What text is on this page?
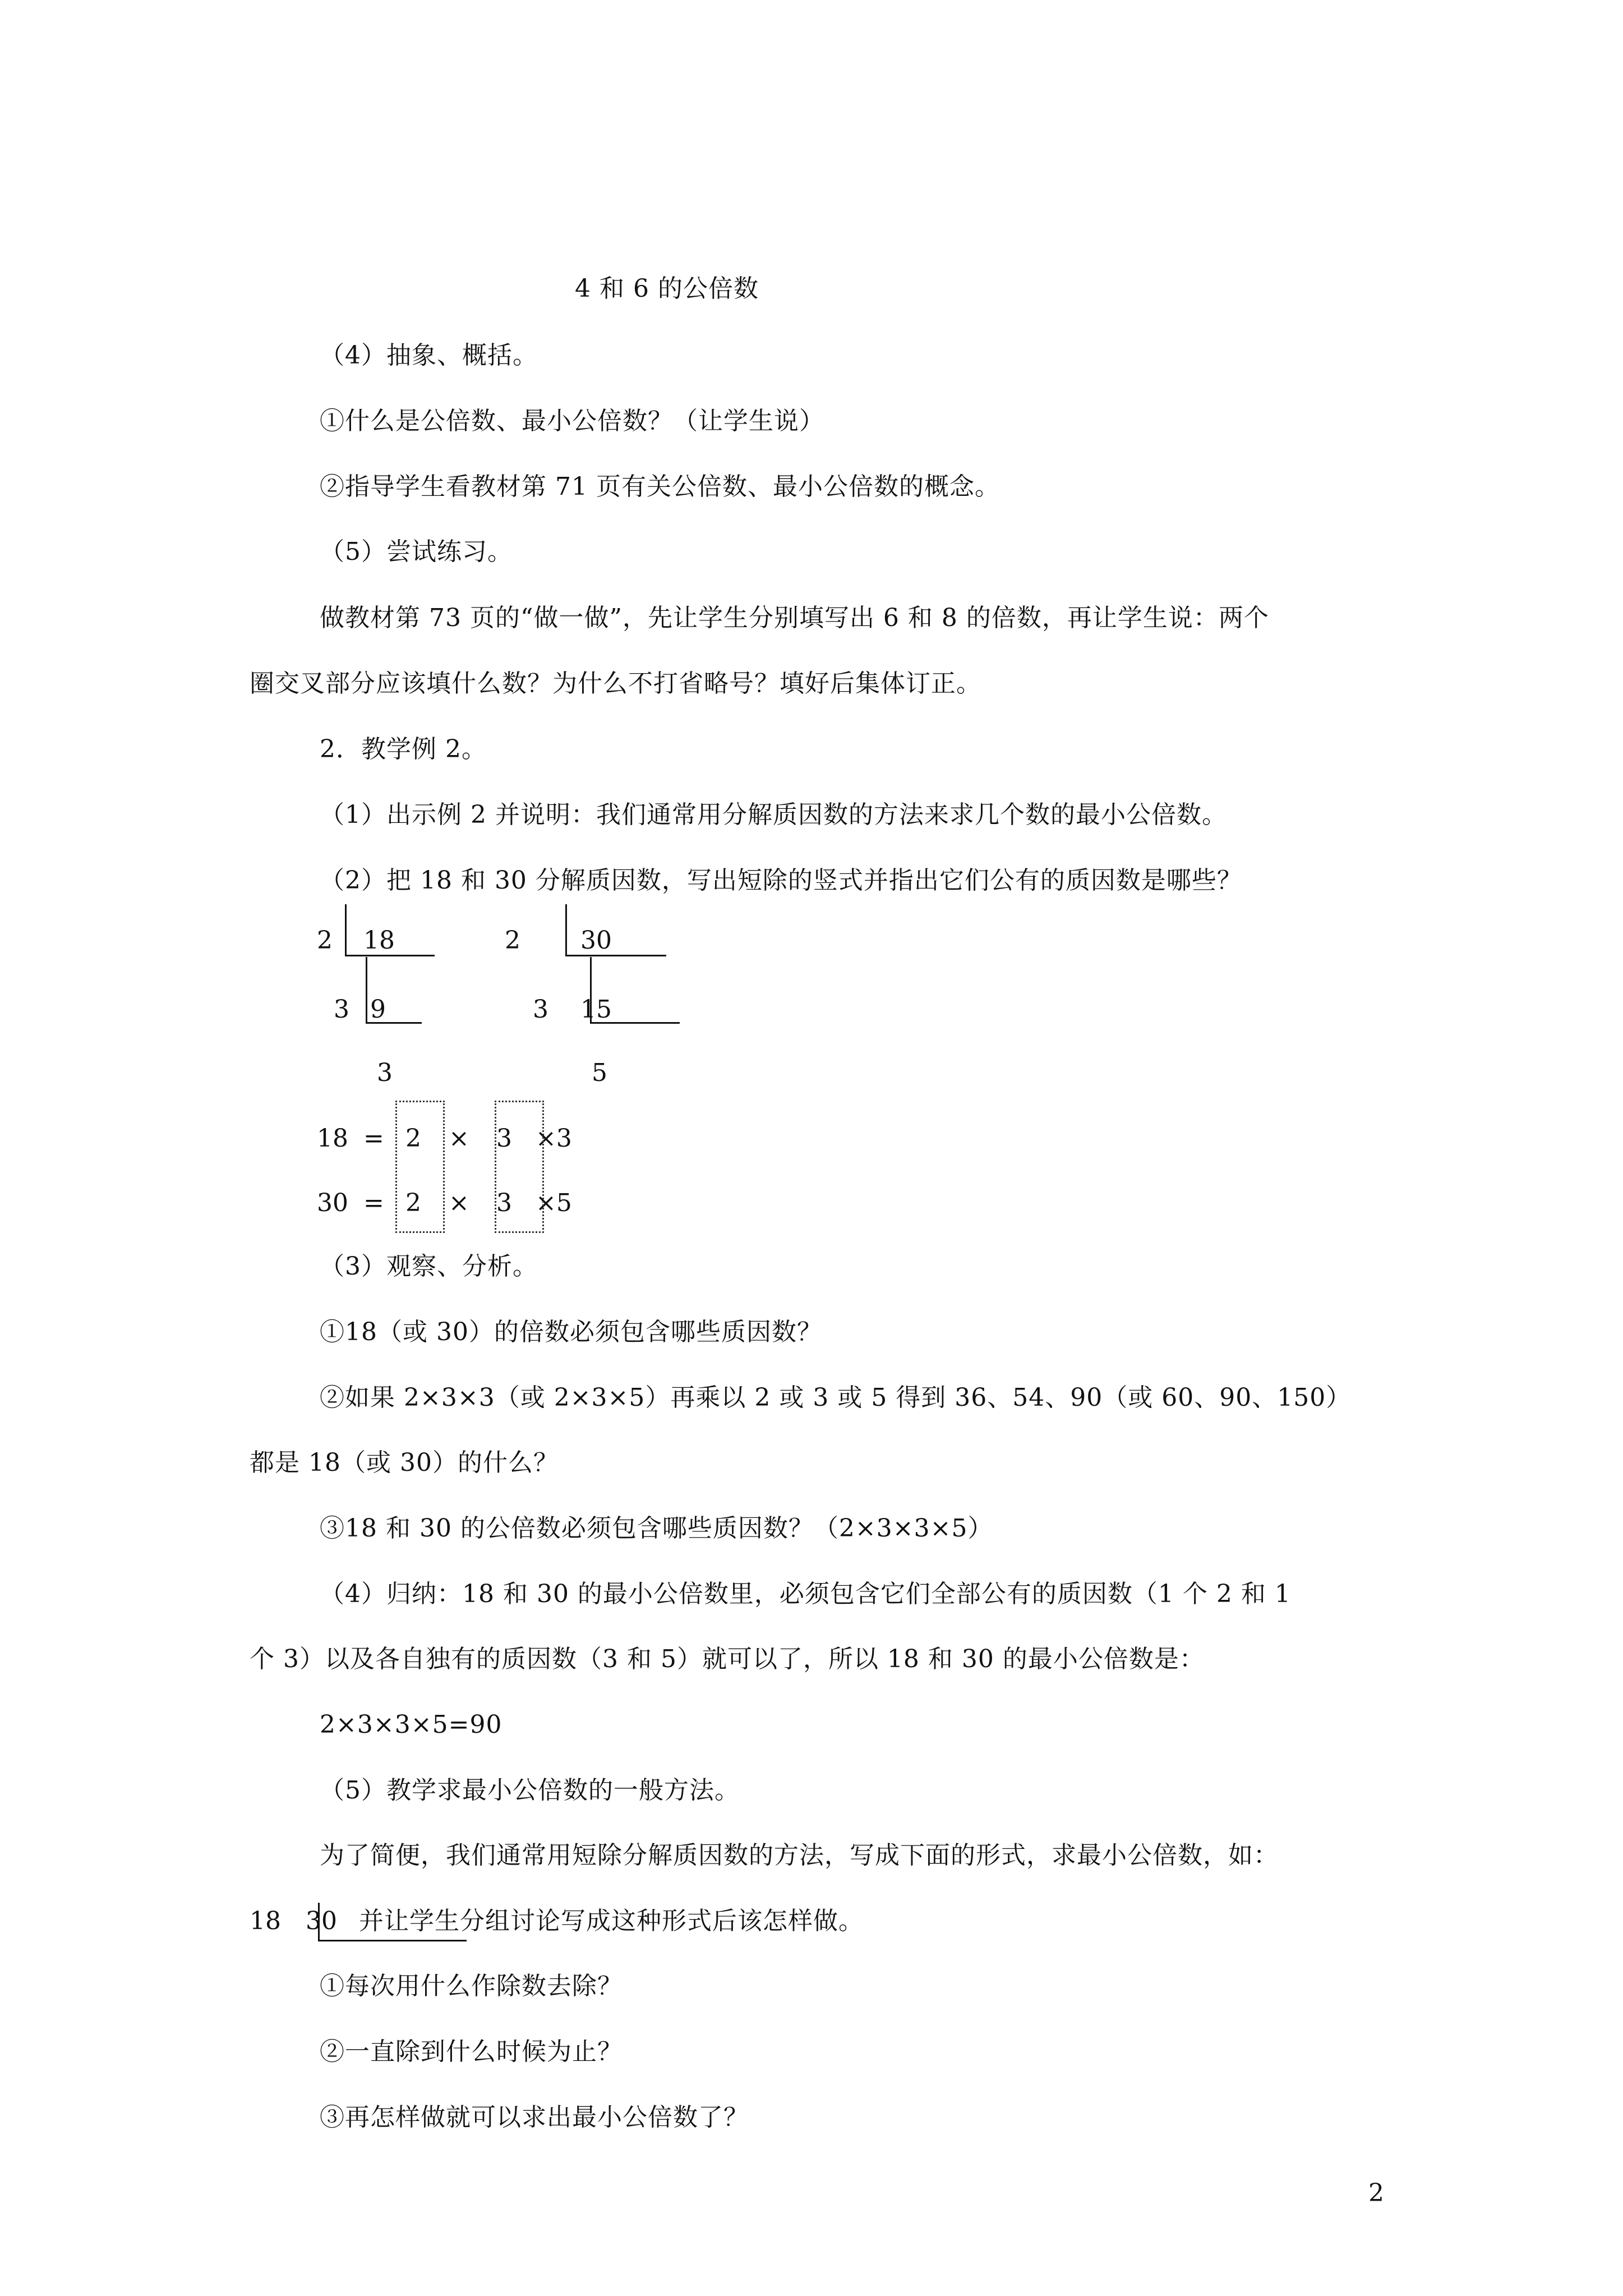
4 和 6 的公倍数
（4）抽象、概括。
①什么是公倍数、最小公倍数？（让学生说）
②指导学生看教材第 71 页有关公倍数、最小公倍数的概念。
（5）尝试练习。
做教材第 73 页的“做一做”，先让学生分别填写出 6 和 8 的倍数，再让学生说：两个
圈交叉部分应该填什么数？为什么不打省略号？填好后集体订正。
2．教学例 2。
（1）出示例 2 并说明：我们通常用分解质因数的方法来求几个数的最小公倍数。
（2）把 18 和 30 分解质因数，写出短除的竖式并指出它们公有的质因数是哪些？
2 18
3 9
3
2 30
3 15
5
18 = 2 × 3 ×3
30 = 2 × 3 ×5
（3）观察、分析。
①18（或 30）的倍数必须包含哪些质因数？
②如果 2×3×3（或 2×3×5）再乘以 2 或 3 或 5 得到 36、54、90（或 60、90、150）
都是 18（或 30）的什么？
③18 和 30 的公倍数必须包含哪些质因数？（2×3×3×5）
（4）归纳：18 和 30 的最小公倍数里，必须包含它们全部公有的质因数（1 个 2 和 1
个 3）以及各自独有的质因数（3 和 5）就可以了，所以 18 和 30 的最小公倍数是：
2×3×3×5=90
（5）教学求最小公倍数的一般方法。
为了简便，我们通常用短除分解质因数的方法，写成下面的形式，求最小公倍数，如：
18 30 并让学生分组讨论写成这种形式后该怎样做。
①每次用什么作除数去除？
②一直除到什么时候为止？
③再怎样做就可以求出最小公倍数了？
2
